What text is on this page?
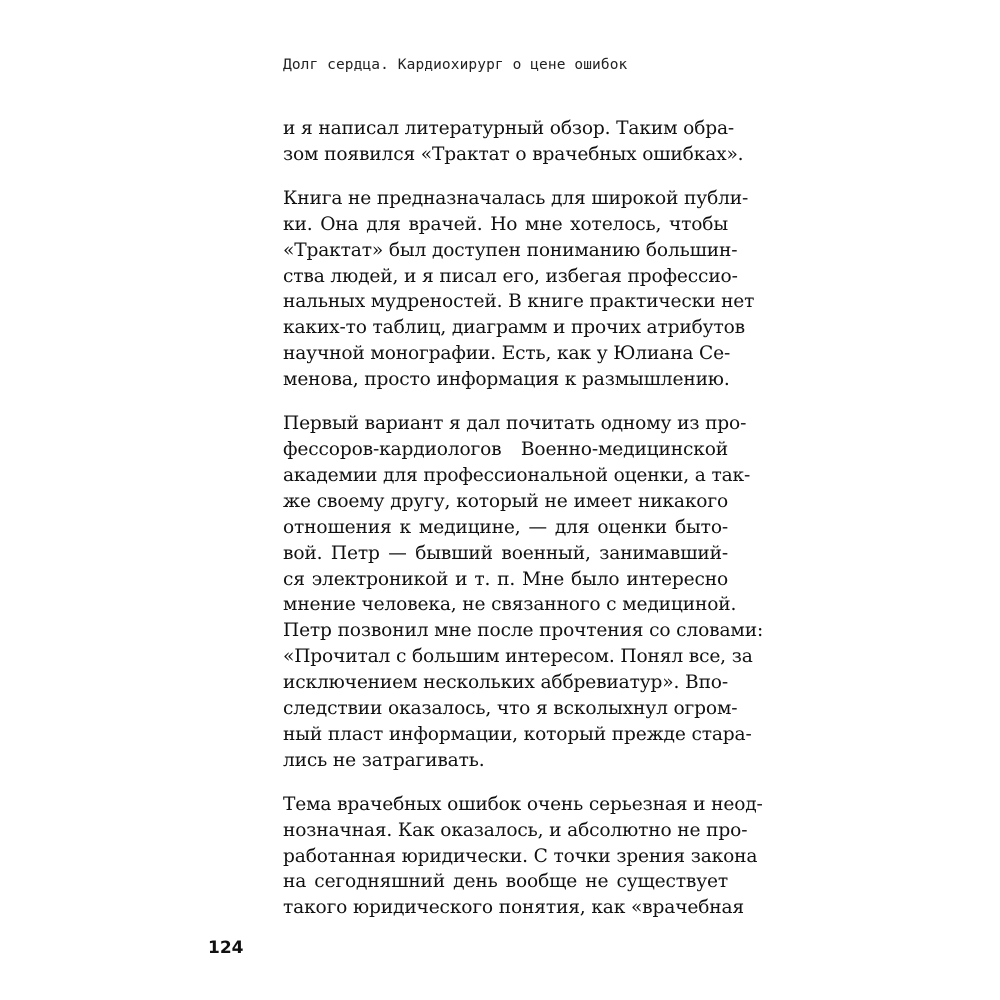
Долг сердца. Кардиохирург о цене ошибок

и я написал литературный обзор. Таким обра-
зом появился «Трактат о врачебных ошибках».

Книга не предназначалась для широкой публи-
ки. Она для врачей. Но мне хотелось, чтобы
«Трактат» был доступен пониманию большин-
ства людей, и я писал его, избегая профессио-
нальных мудреностей. В книге практически нет
каких-то таблиц, диаграмм и прочих атрибутов
научной монографии. Есть, как у Юлиана Се-
менова, просто информация к размышлению.

Первый вариант я дал почитать одному из про-
фессоров-кардиологов Военно-медицинской
академии для профессиональной оценки, а так-
же своему другу, который не имеет никакого
отношения к медицине, — для оценки быто-
вой. Петр — бывший военный, занимавший-
ся электроникой и т. п. Мне было интересно
мнение человека, не связанного с медициной.
Петр позвонил мне после прочтения со словами:
«Прочитал с большим интересом. Понял все, за
исключением нескольких аббревиатур». Впо-
следствии оказалось, что я всколыхнул огром-
ный пласт информации, который прежде стара-
лись не затрагивать.

Тема врачебных ошибок очень серьезная и неод-
нозначная. Как оказалось, и абсолютно не про-
работанная юридически. С точки зрения закона
на сегодняшний день вообще не существует
такого юридического понятия, как «врачебная

124
